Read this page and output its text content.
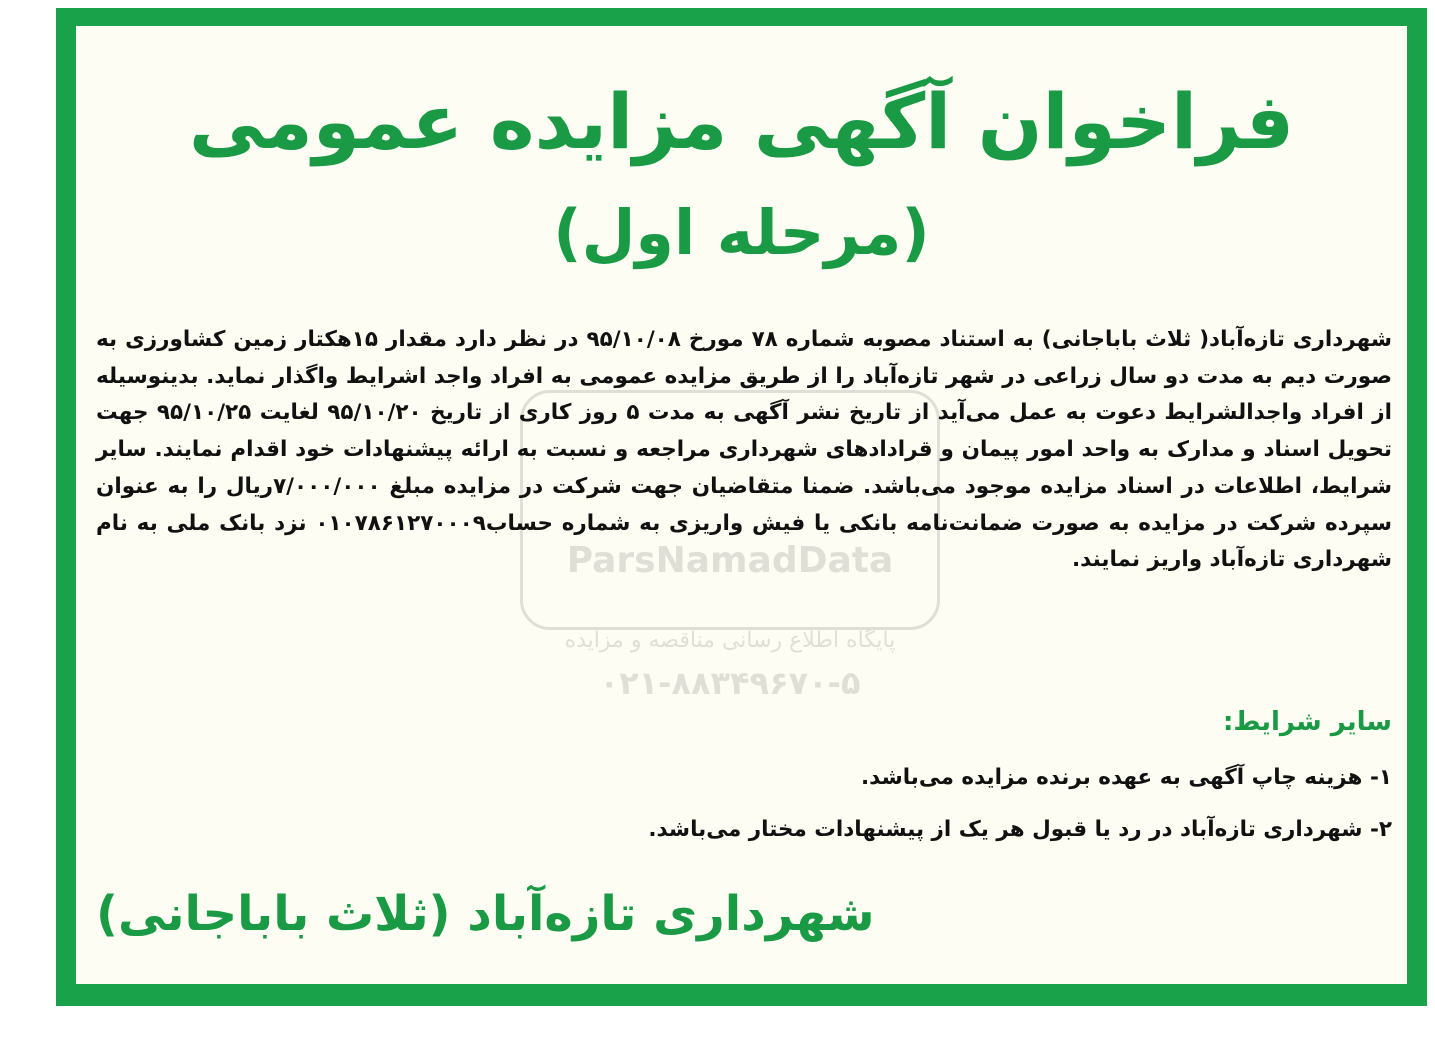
ParsNamadData
پایگاه اطلاع رسانی مناقصه و مزایده
۰۲۱-۸۸۳۴۹۶۷۰-۵
فراخوان آگهی مزایده عمومی
(مرحله اول)

شهرداری تازه‌آباد( ثلاث باباجانی) به استناد مصوبه شماره ۷۸ مورخ ۹۵/۱۰/۰۸ در نظر دارد مقدار ۱۵هکتار زمین کشاورزی به صورت دیم به مدت دو سال زراعی در شهر تازه‌آباد را از طریق مزایده عمومی به افراد واجد اشرایط واگذار نماید. بدینوسیله از افراد واجدالشرایط دعوت به عمل می‌آید از تاریخ نشر آگهی به مدت ۵ روز کاری از تاریخ ۹۵/۱۰/۲۰ لغایت ۹۵/۱۰/۲۵ جهت تحویل اسناد و مدارک به واحد امور پیمان و قرادادهای شهرداری مراجعه و نسبت به ارائه پیشنهادات خود اقدام نمایند. سایر شرایط، اطلاعات در اسناد مزایده موجود می‌باشد. ضمنا متقاضیان جهت شرکت در مزایده مبلغ ۷/۰۰۰/۰۰۰ریال را به عنوان سپرده شرکت در مزایده به صورت ضمانت‌نامه بانکی یا فیش واریزی به شماره حساب۰۱۰۷۸۶۱۲۷۰۰۰۹ نزد بانک ملی به نام شهرداری تازه‌آباد واریز نمایند.

سایر شرایط:

۱- هزینه چاپ آگهی به عهده برنده مزایده می‌باشد.

۲- شهرداری تازه‌آباد در رد یا قبول هر یک از پیشنهادات مختار می‌باشد.

شهرداری تازه‌آباد (ثلاث باباجانی)
